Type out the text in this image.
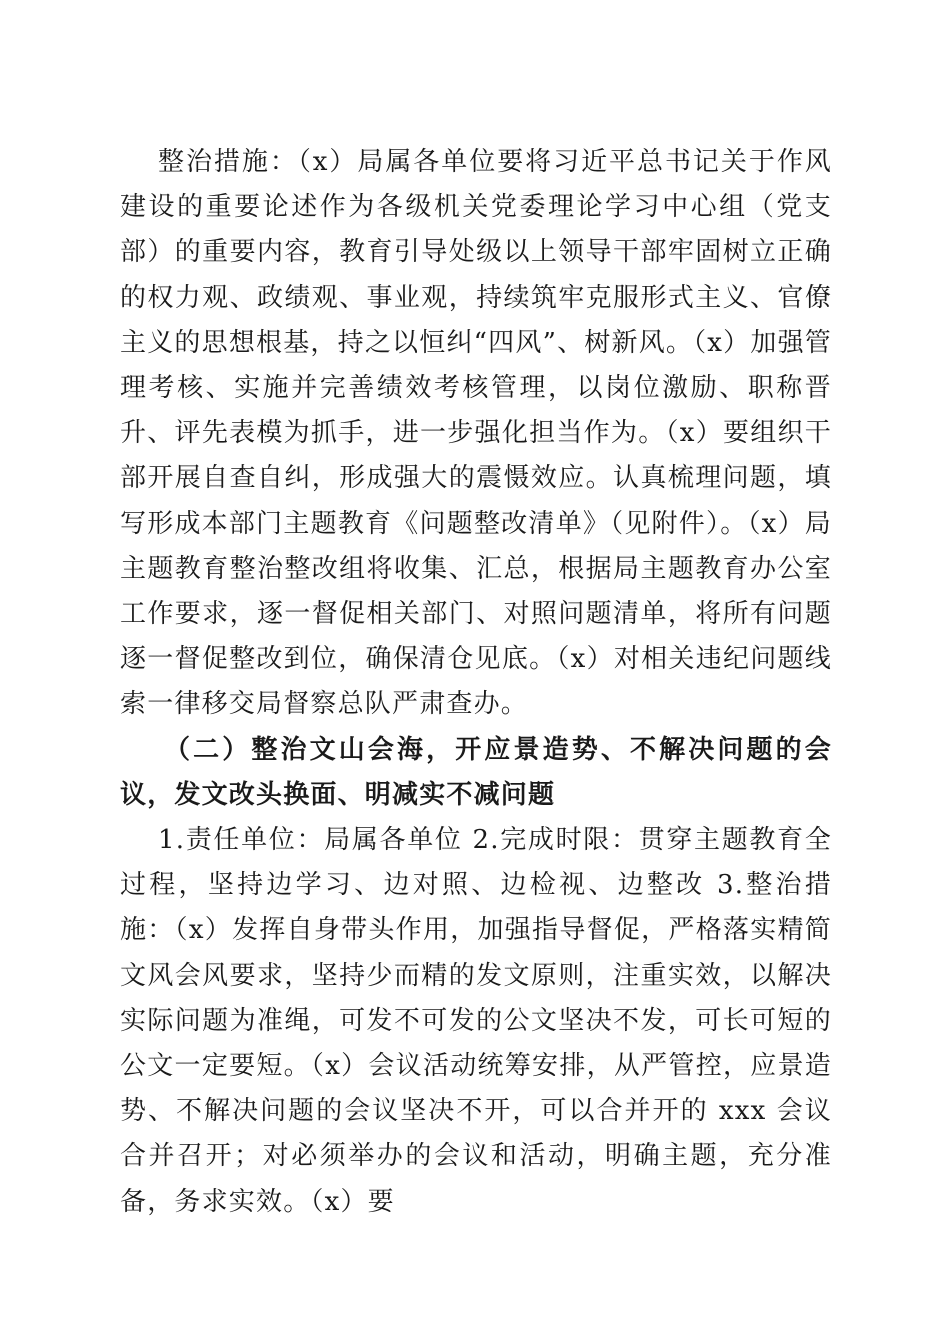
整治措施：（x）局属各单位要将习近平总书记关于作风建设的重要论述作为各级机关党委理论学习中心组（党支部）的重要内容，教育引导处级以上领导干部牢固树立正确的权力观、政绩观、事业观，持续筑牢克服形式主义、官僚主义的思想根基，持之以恒纠“四风”、树新风。（x）加强管理考核、实施并完善绩效考核管理，以岗位激励、职称晋升、评先表模为抓手，进一步强化担当作为。（x）要组织干部开展自查自纠，形成强大的震慑效应。认真梳理问题，填写形成本部门主题教育《问题整改清单》（见附件）。（x）局主题教育整治整改组将收集、汇总，根据局主题教育办公室工作要求，逐一督促相关部门、对照问题清单，将所有问题逐一督促整改到位，确保清仓见底。（x）对相关违纪问题线索一律移交局督察总队严肃查办。

（二）整治文山会海，开应景造势、不解决问题的会议，发文改头换面、明减实不减问题

1.责任单位：局属各单位 2.完成时限：贯穿主题教育全过程，坚持边学习、边对照、边检视、边整改 3.整治措施：（x）发挥自身带头作用，加强指导督促，严格落实精简文风会风要求，坚持少而精的发文原则，注重实效，以解决实际问题为准绳，可发不可发的公文坚决不发，可长可短的公文一定要短。（x）会议活动统筹安排，从严管控，应景造势、不解决问题的会议坚决不开，可以合并开的 xxx 会议合并召开；对必须举办的会议和活动，明确主题，充分准备，务求实效。（x）要
